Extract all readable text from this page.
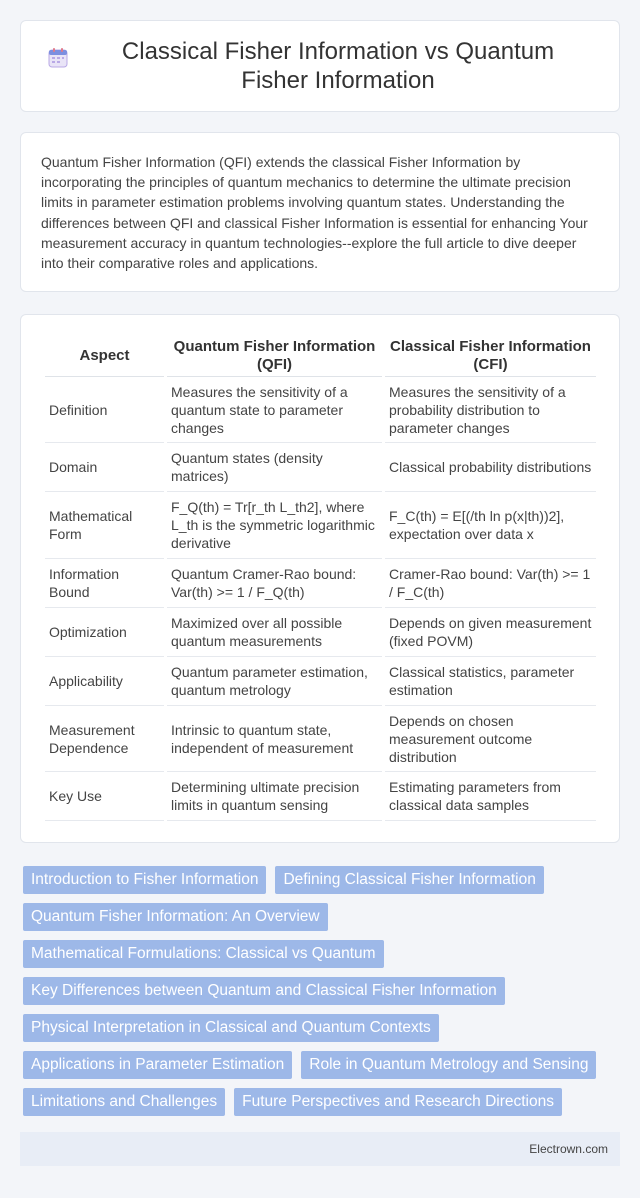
Classical Fisher Information vs Quantum Fisher Information

Quantum Fisher Information (QFI) extends the classical Fisher Information by incorporating the principles of quantum mechanics to determine the ultimate precision limits in parameter estimation problems involving quantum states. Understanding the differences between QFI and classical Fisher Information is essential for enhancing Your measurement accuracy in quantum technologies--explore the full article to dive deeper into their comparative roles and applications.

Aspect	Quantum Fisher Information (QFI)	Classical Fisher Information (CFI)
Definition	Measures the sensitivity of a quantum state to parameter changes	Measures the sensitivity of a probability distribution to parameter changes
Domain	Quantum states (density matrices)	Classical probability distributions
Mathematical Form	F_Q(th) = Tr[r_th L_th2], where L_th is the symmetric logarithmic derivative	F_C(th) = E[(/th ln p(x|th))2], expectation over data x
Information Bound	Quantum Cramer-Rao bound: Var(th) >= 1 / F_Q(th)	Cramer-Rao bound: Var(th) >= 1 / F_C(th)
Optimization	Maximized over all possible quantum measurements	Depends on given measurement (fixed POVM)
Applicability	Quantum parameter estimation, quantum metrology	Classical statistics, parameter estimation
Measurement Dependence	Intrinsic to quantum state, independent of measurement	Depends on chosen measurement outcome distribution
Key Use	Determining ultimate precision limits in quantum sensing	Estimating parameters from classical data samples
Introduction to Fisher Information	Defining Classical Fisher Information
Quantum Fisher Information: An Overview
Mathematical Formulations: Classical vs Quantum
Key Differences between Quantum and Classical Fisher Information
Physical Interpretation in Classical and Quantum Contexts
Applications in Parameter Estimation	Role in Quantum Metrology and Sensing
Limitations and Challenges	Future Perspectives and Research Directions
Electrown.com
